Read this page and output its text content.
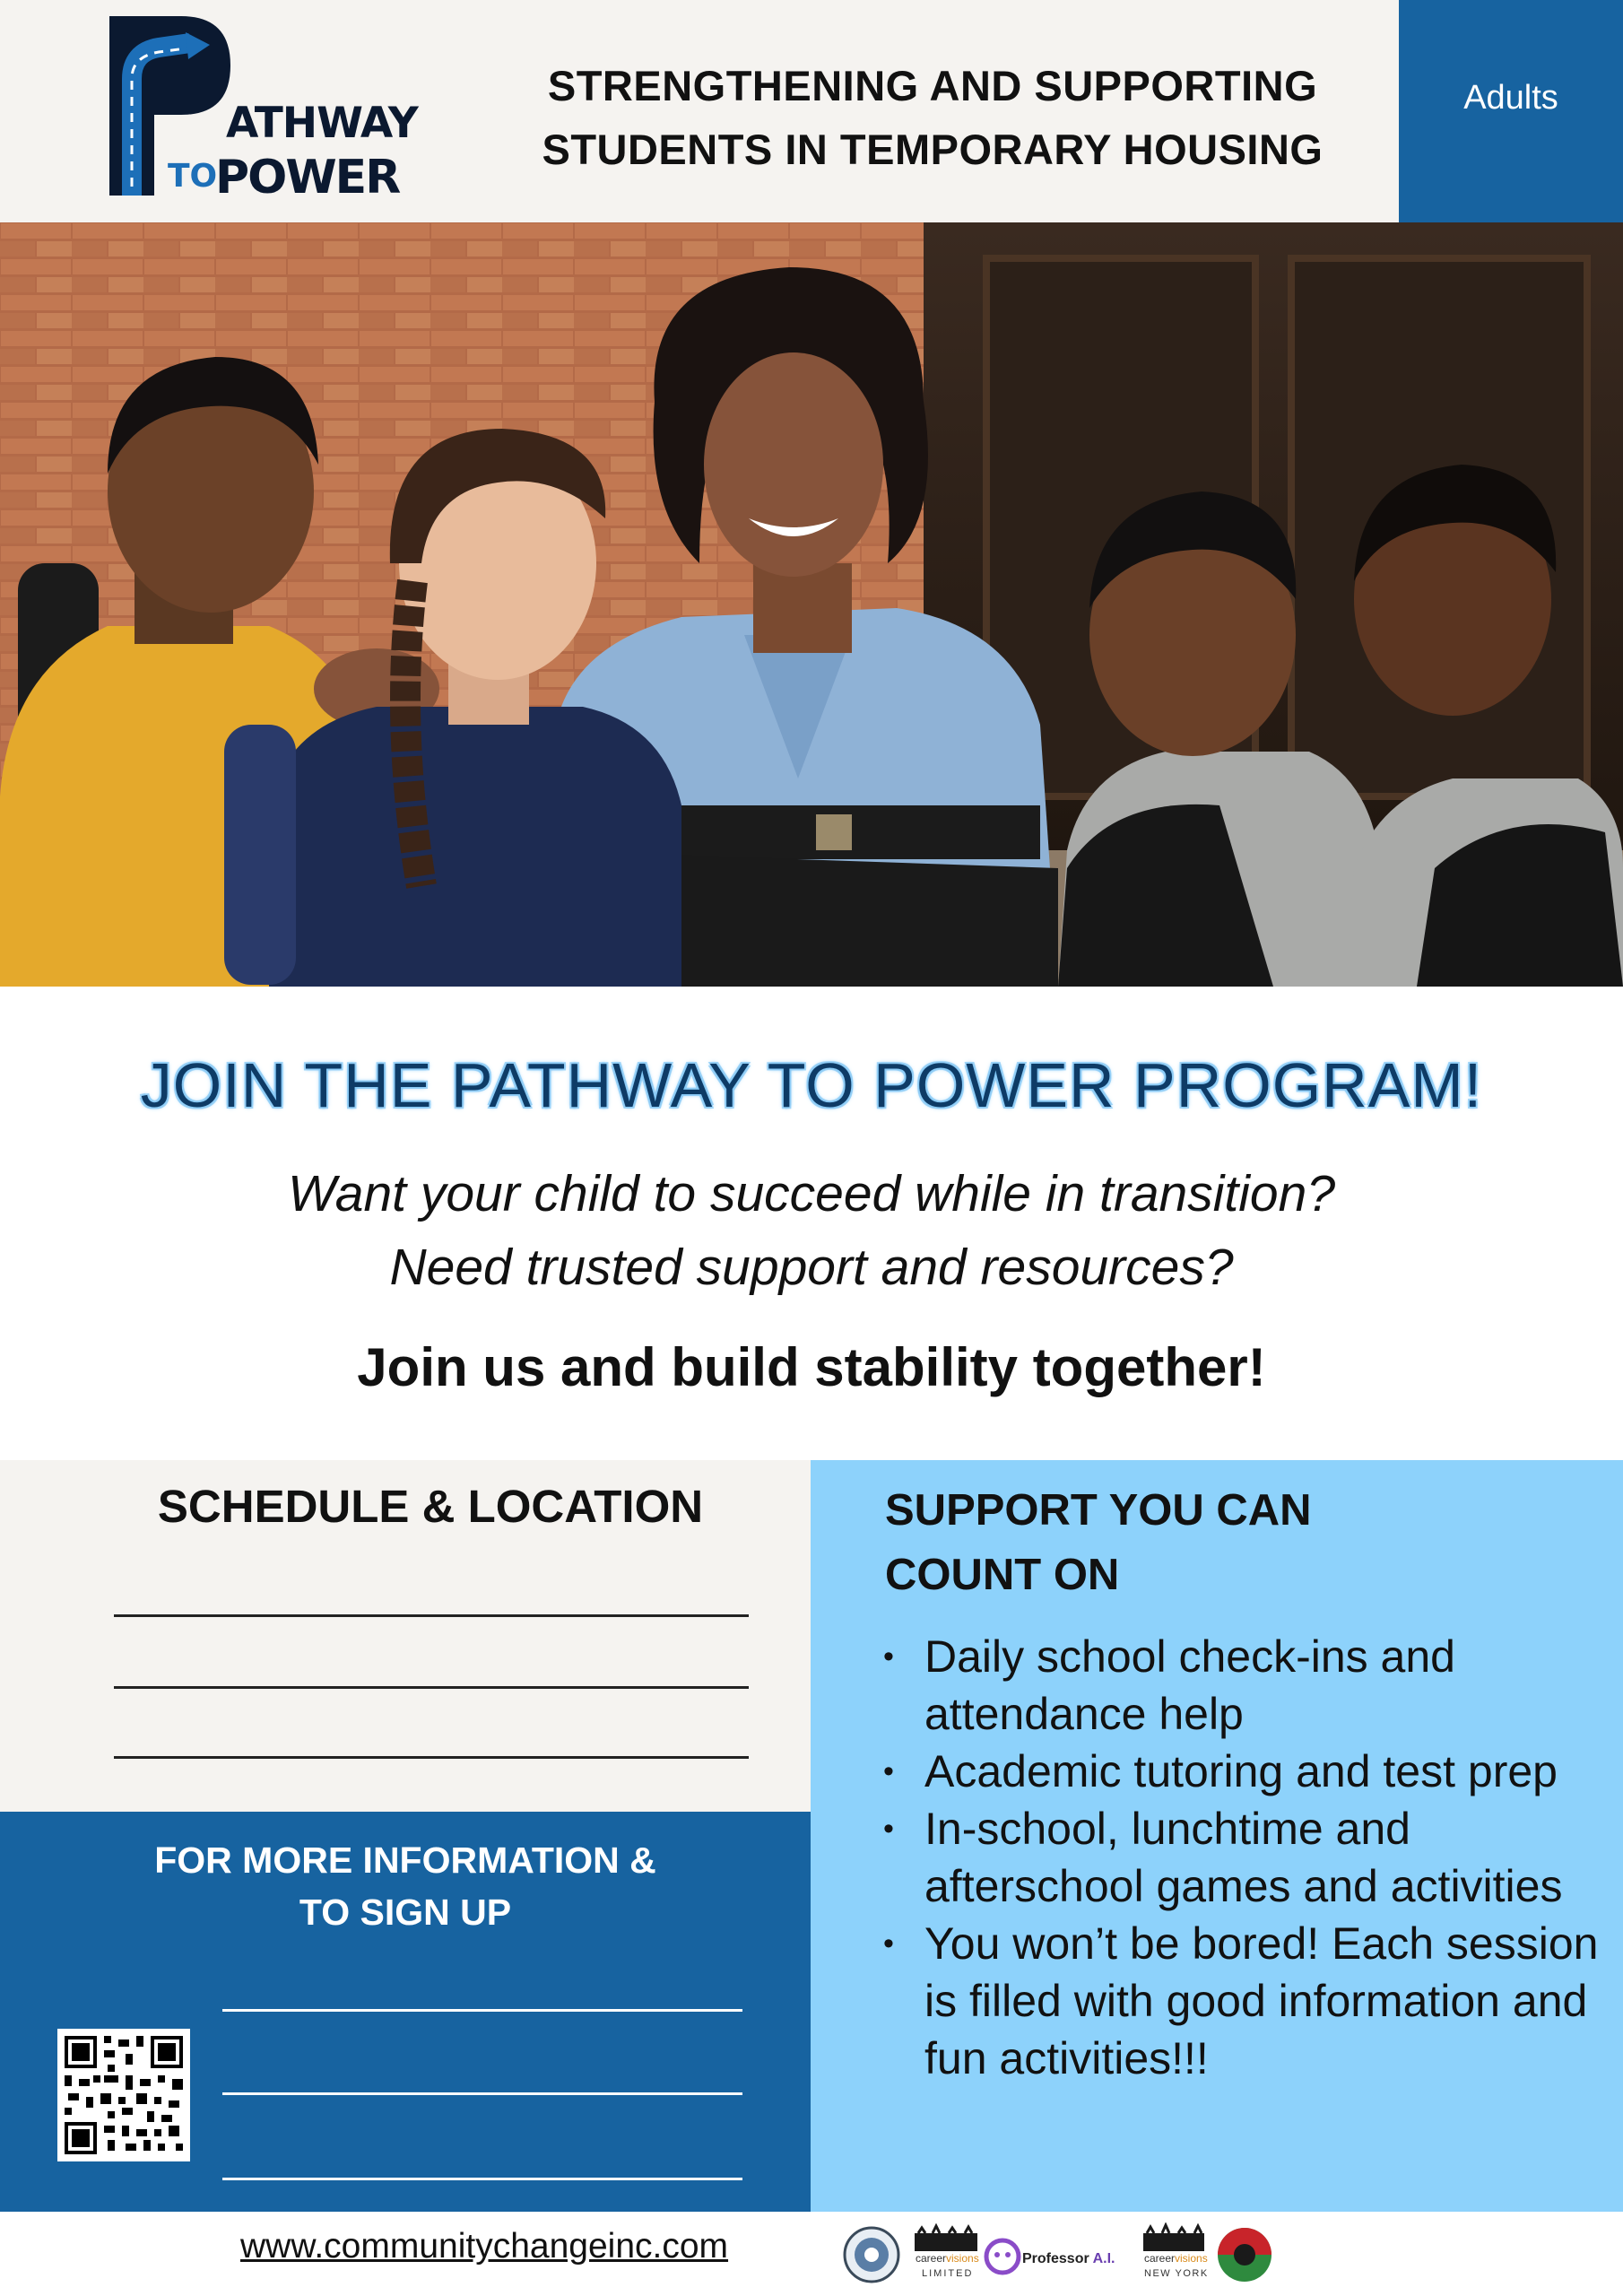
ATHWAY
TO
POWER
STRENGTHENING AND SUPPORTING
STUDENTS IN TEMPORARY HOUSING
Adults
JOIN THE PATHWAY TO POWER PROGRAM!
Want your child to succeed while in transition?
Need trusted support and resources?
Join us and build stability together!
SCHEDULE & LOCATION
FOR MORE INFORMATION &
TO SIGN UP
SUPPORT YOU CAN
COUNT ON
• Daily school check-ins and attendance help
• Academic tutoring and test prep
• In-school, lunchtime and afterschool games and activities
• You won’t be bored! Each session is filled with good information and fun activities!!!
www.communitychangeinc.com	careervisions
LIMITED
Professor A.I.	careervisions
NEW YORK
